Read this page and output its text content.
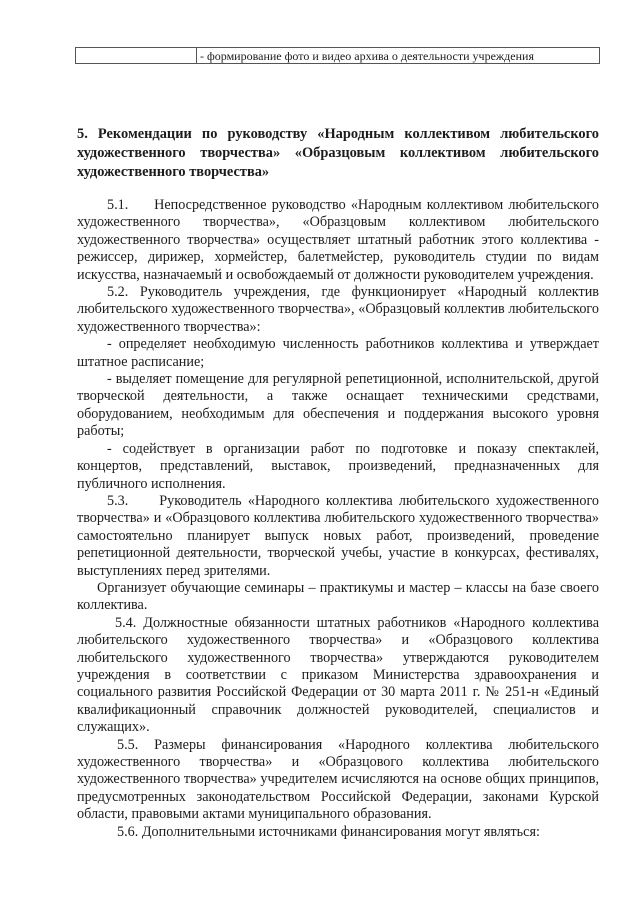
- формирование фото и видео архива о деятельности учреждения
5. Рекомендации по руководству «Народным коллективом любительского художественного творчества» «Образцовым коллективом любительского художественного творчества»

5.1.     Непосредственное руководство «Народным коллективом любительского художественного творчества», «Образцовым коллективом любительского художественного творчества» осуществляет штатный работник этого коллектива - режиссер, дирижер, хормейстер, балетмейстер, руководитель студии по видам искусства, назначаемый и освобождаемый от должности руководителем учреждения.

5.2. Руководитель учреждения, где функционирует «Народный коллектив любительского художественного творчества», «Образцовый коллектив любительского художественного творчества»:

- определяет необходимую численность работников коллектива и утверждает штатное расписание;

- выделяет помещение для регулярной репетиционной, исполнительской, другой творческой деятельности, а также оснащает техническими средствами, оборудованием, необходимым для обеспечения и поддержания высокого уровня работы;

- содействует в организации работ по подготовке и показу спектаклей, концертов, представлений, выставок, произведений, предназначенных для публичного исполнения.

5.3.     Руководитель «Народного коллектива любительского художественного творчества» и «Образцового коллектива любительского художественного творчества» самостоятельно планирует выпуск новых работ, произведений, проведение репетиционной деятельности, творческой учебы, участие в конкурсах, фестивалях, выступлениях перед зрителями.

Организует обучающие семинары – практикумы и мастер – классы на базе своего коллектива.

5.4. Должностные обязанности штатных работников «Народного коллектива любительского художественного творчества» и «Образцового коллектива любительского художественного творчества» утверждаются руководителем учреждения в соответствии с приказом Министерства здравоохранения и социального развития Российской Федерации от 30 марта 2011 г. № 251-н «Единый квалификационный справочник должностей руководителей, специалистов и служащих».

5.5. Размеры финансирования «Народного коллектива любительского художественного творчества» и «Образцового коллектива любительского художественного творчества» учредителем исчисляются на основе общих принципов, предусмотренных законодательством Российской Федерации, законами Курской области, правовыми актами муниципального образования.

5.6. Дополнительными источниками финансирования могут являться:
